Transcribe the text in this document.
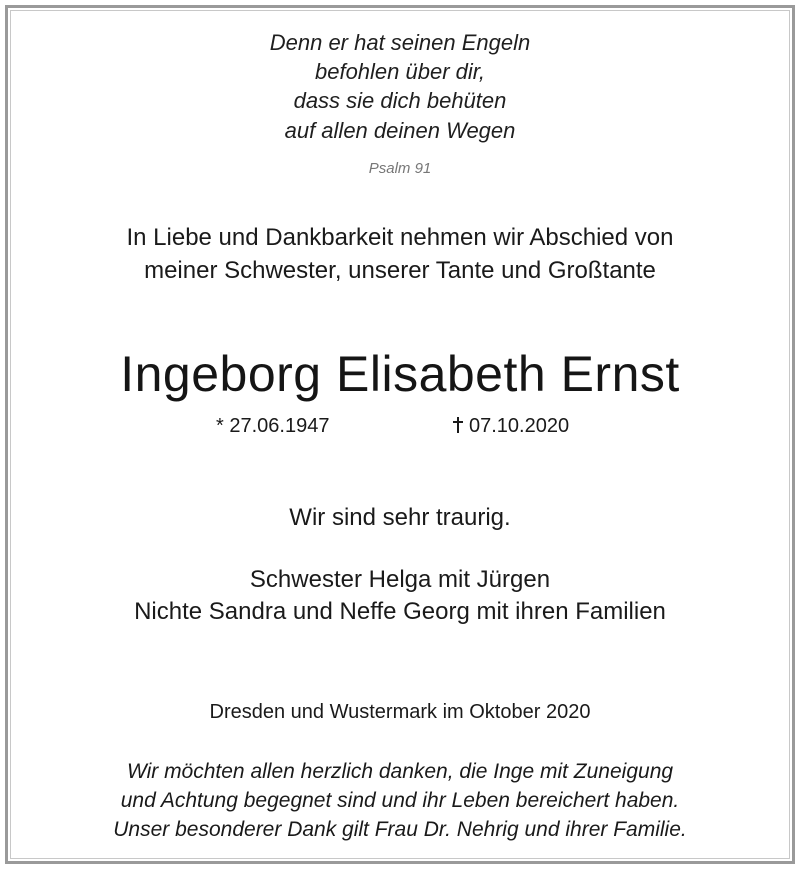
Denn er hat seinen Engeln
befohlen über dir,
dass sie dich behüten
auf allen deinen Wegen
Psalm 91
In Liebe und Dankbarkeit nehmen wir Abschied von
meiner Schwester, unserer Tante und Großtante
Ingeborg Elisabeth Ernst
* 27.06.1947	07.10.2020
Wir sind sehr traurig.
Schwester Helga mit Jürgen
Nichte Sandra und Neffe Georg mit ihren Familien
Dresden und Wustermark im Oktober 2020
Wir möchten allen herzlich danken, die Inge mit Zuneigung
und Achtung begegnet sind und ihr Leben bereichert haben.
Unser besonderer Dank gilt Frau Dr. Nehrig und ihrer Familie.
